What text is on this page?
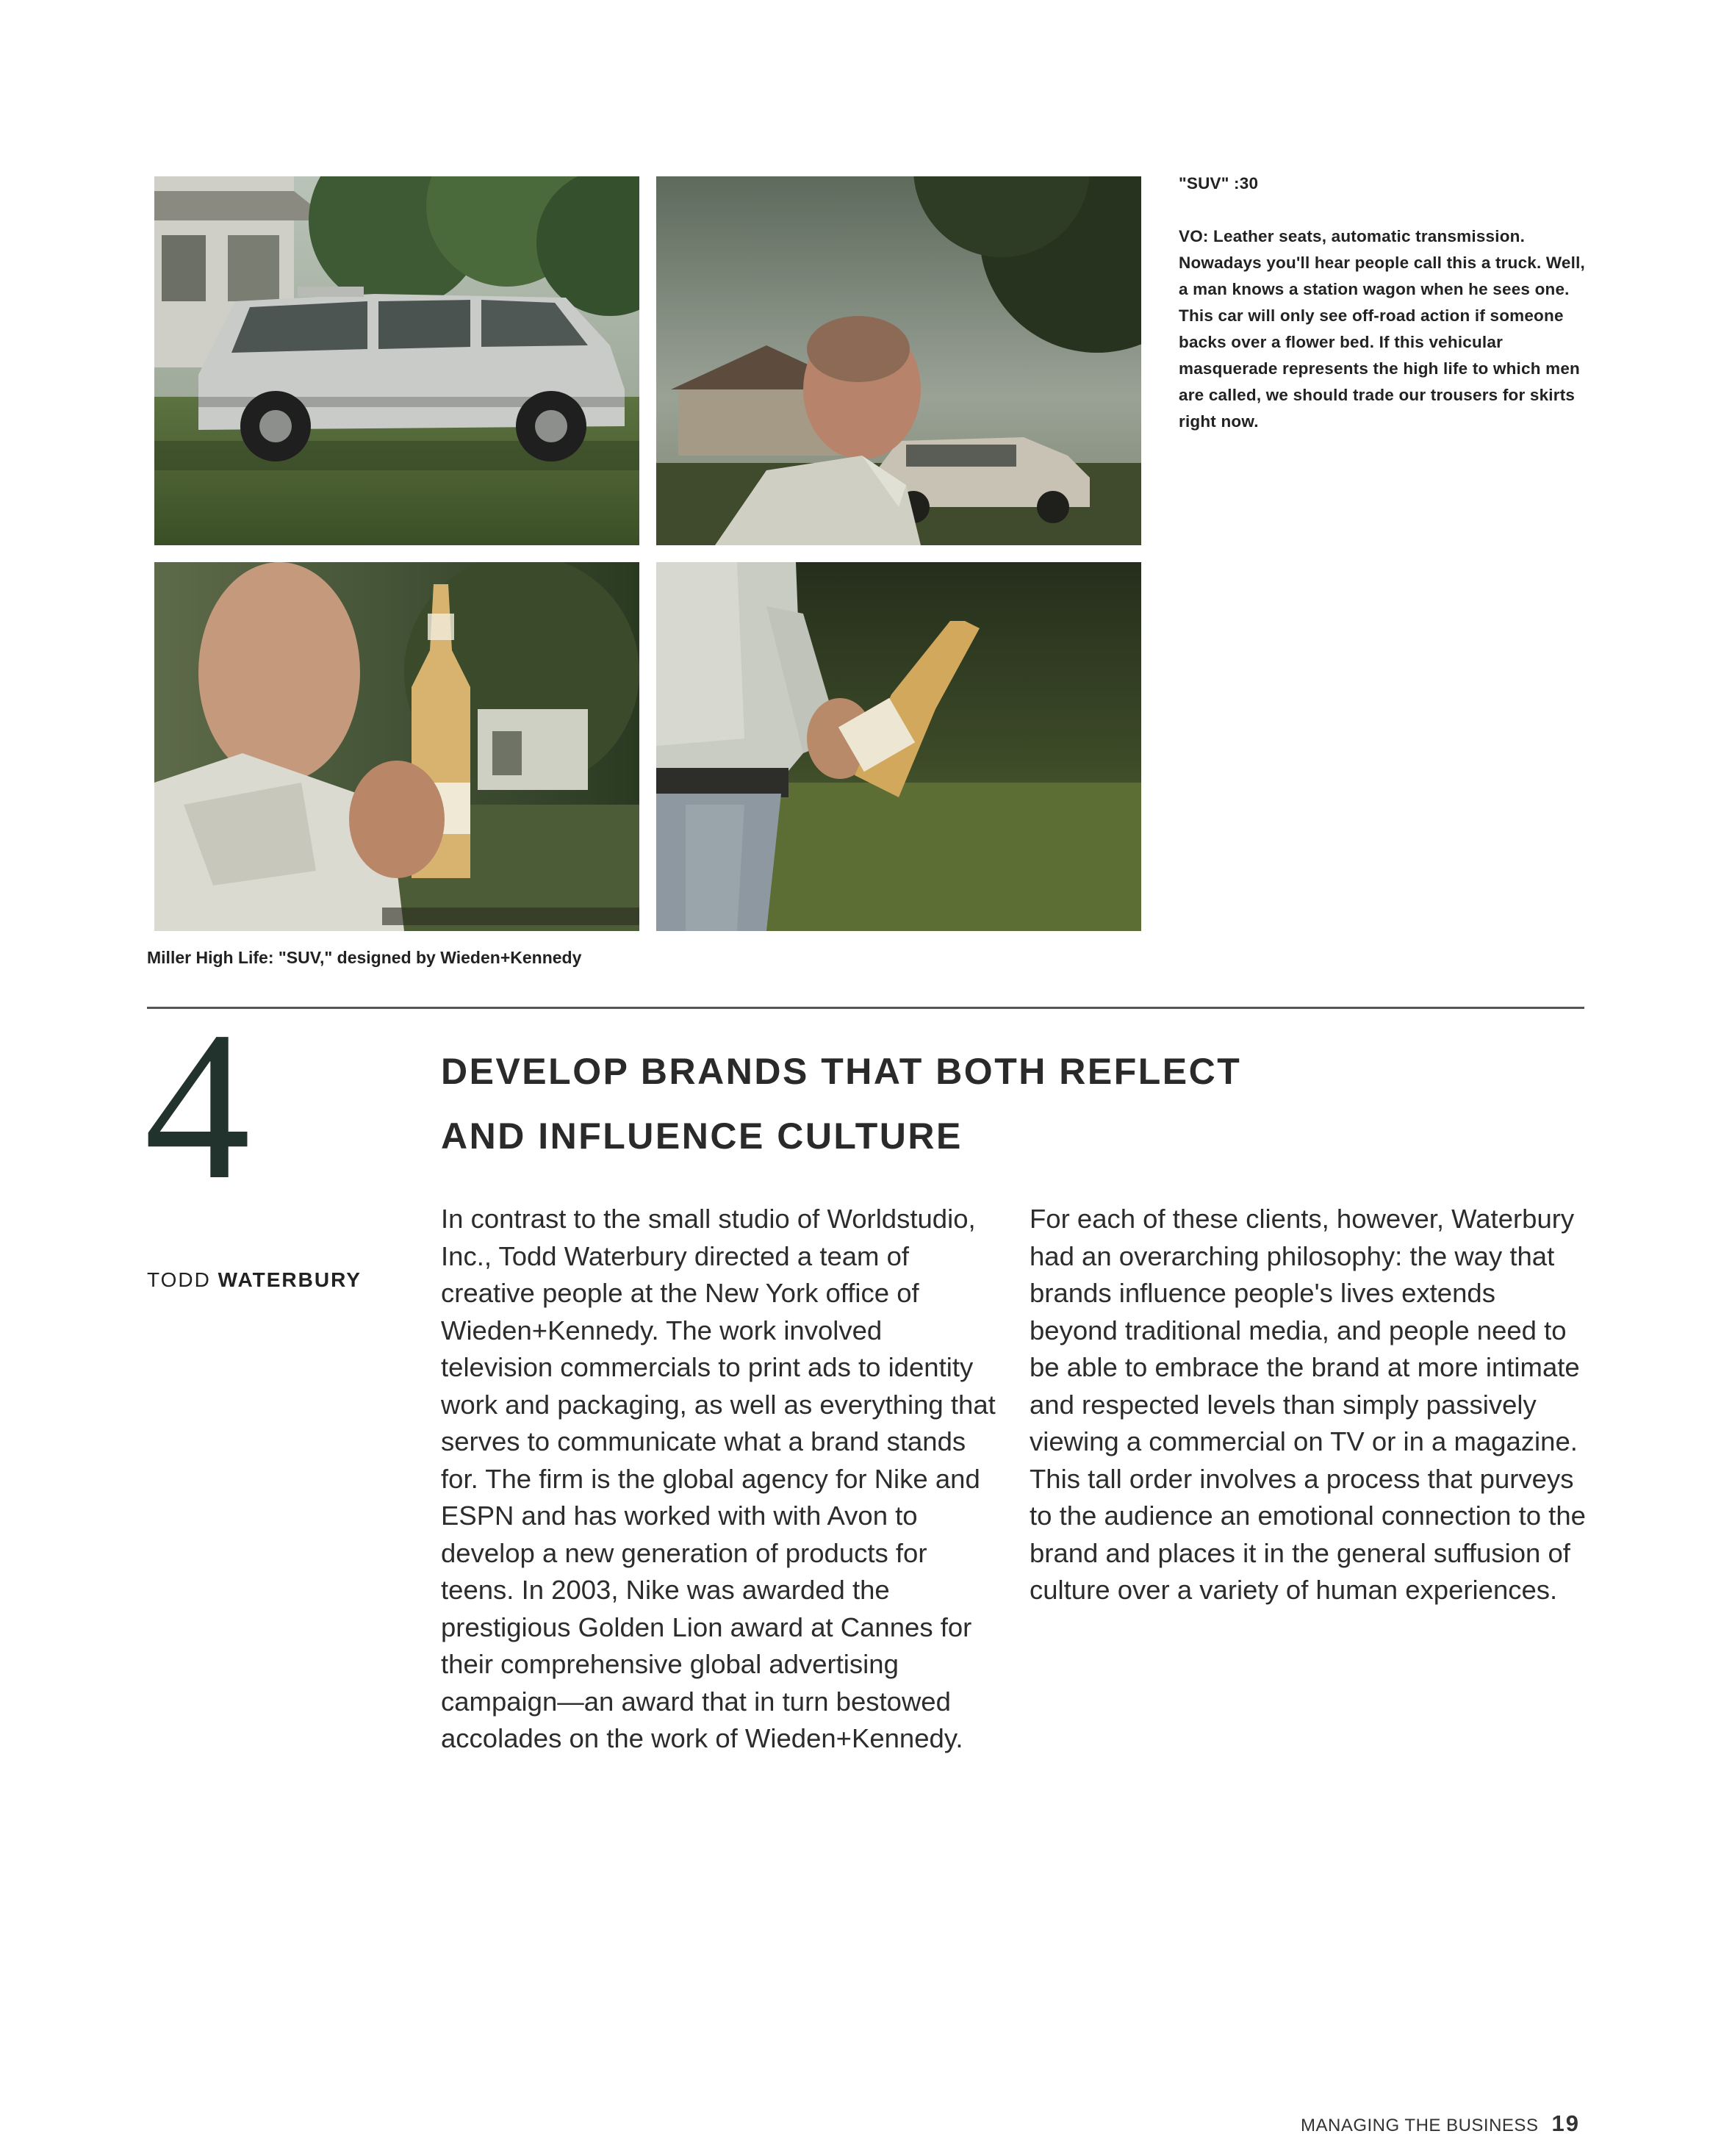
"SUV" :30

VO: Leather seats, automatic transmission. Nowadays you'll hear people call this a truck. Well, a man knows a station wagon when he sees one. This car will only see off-road action if someone backs over a flower bed. If this vehicular masquerade represents the high life to which men are called, we should trade our trousers for skirts right now.

Miller High Life: "SUV," designed by Wieden+Kennedy
4
TODD WATERBURY
DEVELOP BRANDS THAT BOTH REFLECT
AND INFLUENCE CULTURE

In contrast to the small studio of Worldstudio, Inc., Todd Waterbury directed a team of creative people at the New York office of Wieden+Kennedy. The work involved television commercials to print ads to identity work and packaging, as well as everything that serves to communicate what a brand stands for. The firm is the global agency for Nike and ESPN and has worked with with Avon to develop a new generation of products for teens. In 2003, Nike was awarded the prestigious Golden Lion award at Cannes for their comprehensive global advertising campaign—an award that in turn bestowed accolades on the work of Wieden+Kennedy.

For each of these clients, however, Waterbury had an overarching philosophy: the way that brands influence people's lives extends beyond traditional media, and people need to be able to embrace the brand at more intimate and respected levels than simply passively viewing a commercial on TV or in a magazine. This tall order involves a process that purveys to the audience an emotional connection to the brand and places it in the general suffusion of culture over a variety of human experiences.

MANAGING THE BUSINESS 19
